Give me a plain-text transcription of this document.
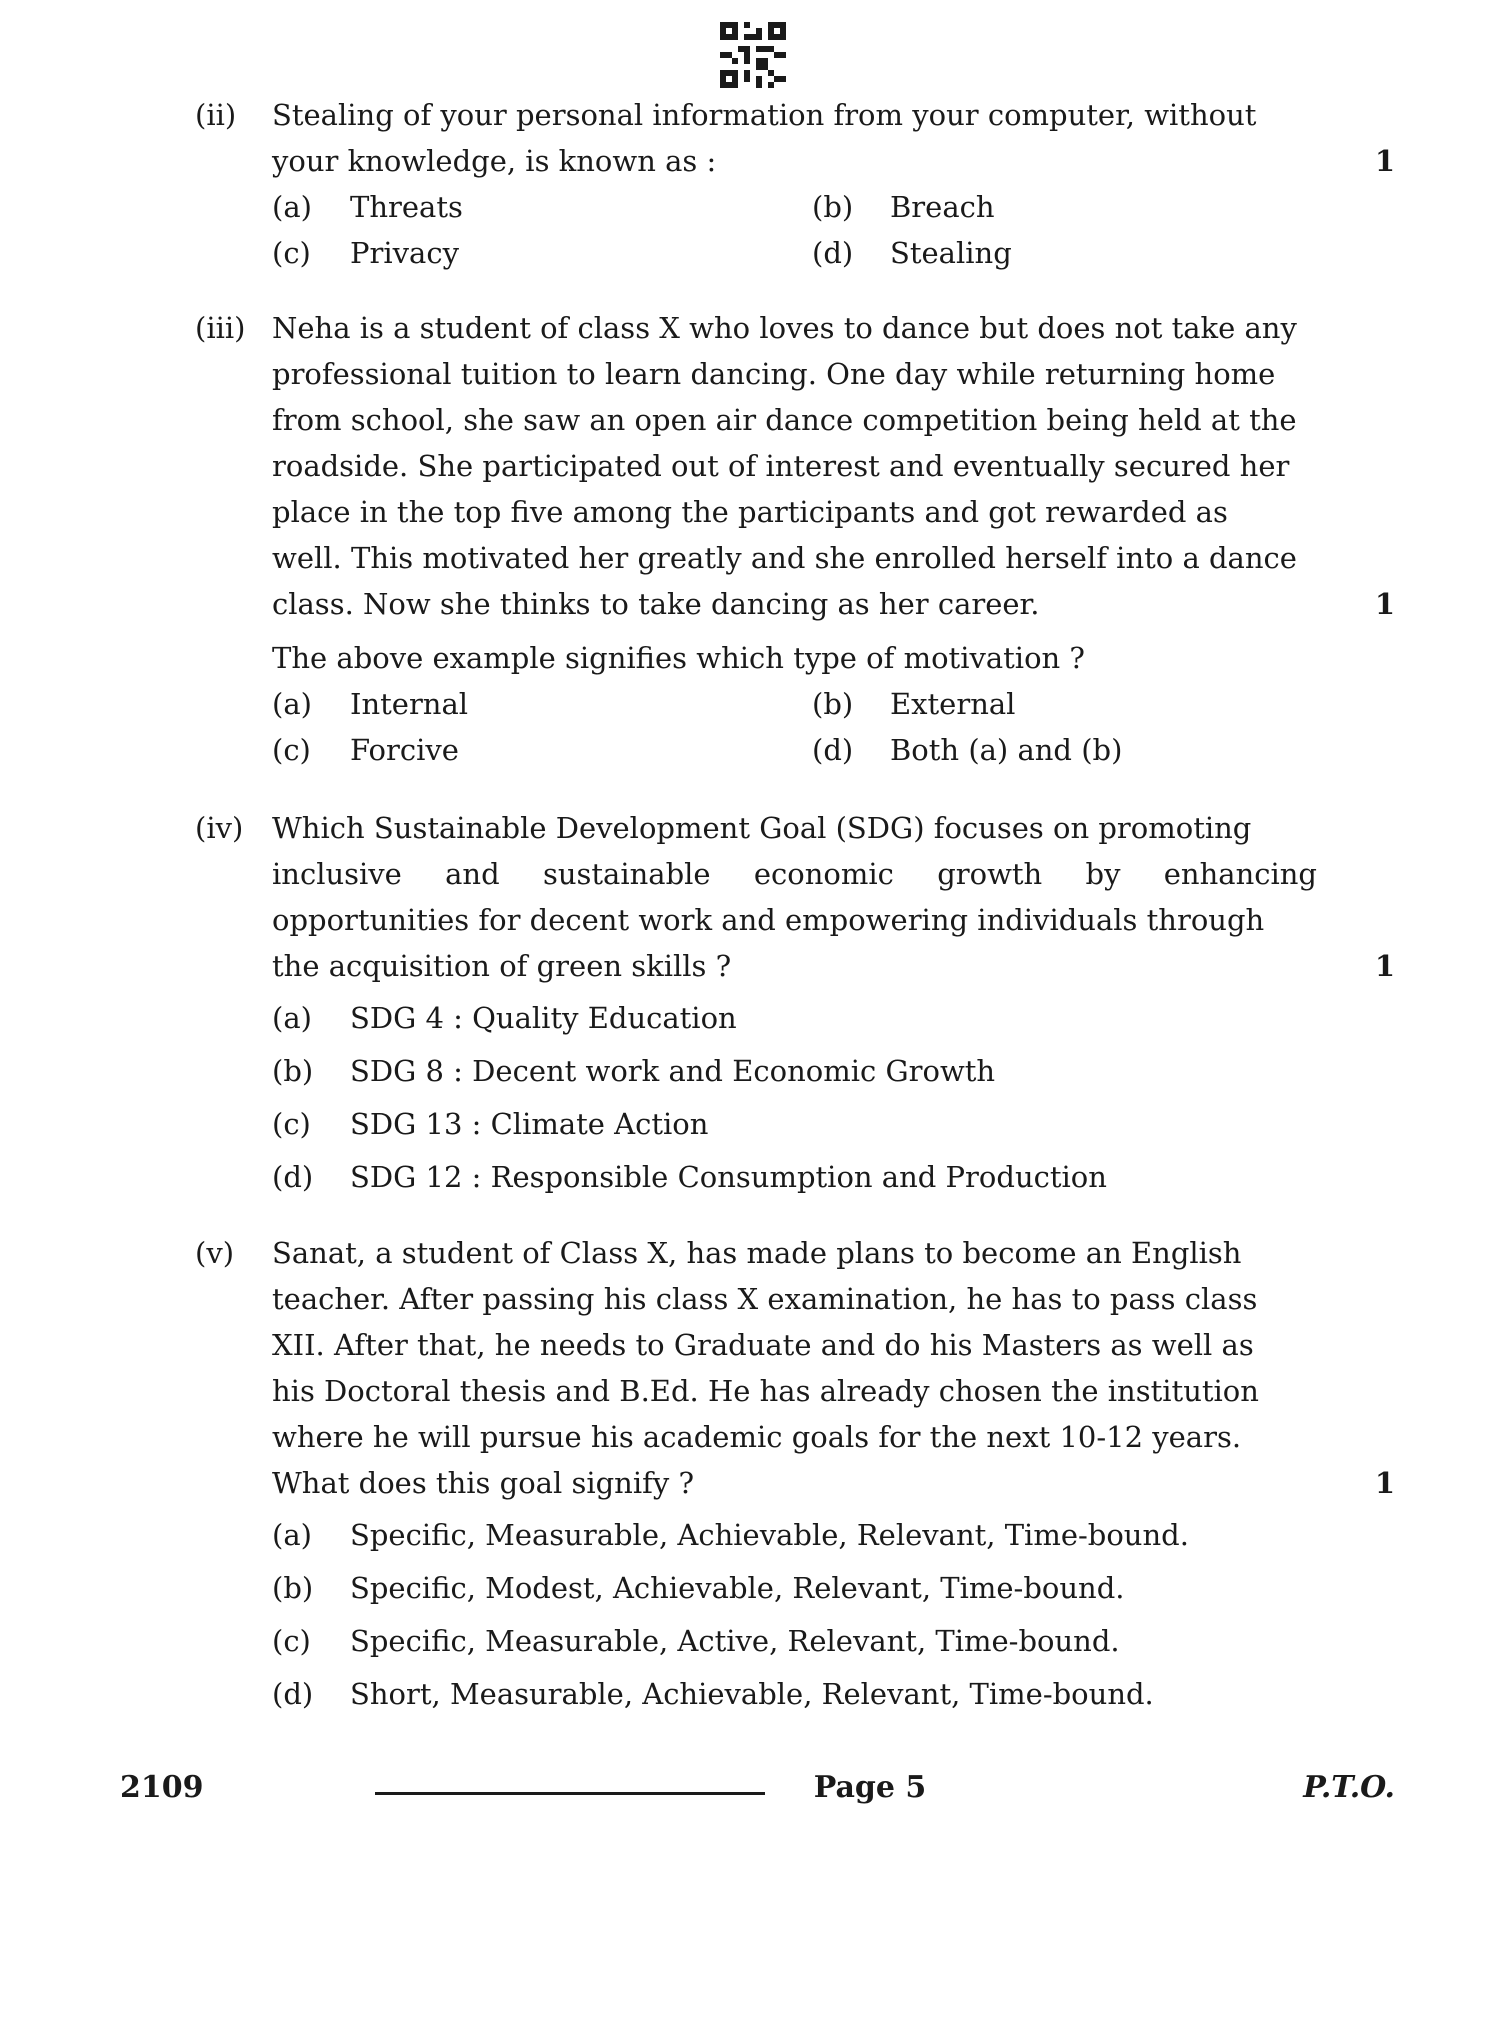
(ii) Stealing of your personal information from your computer, without
your knowledge, is known as :	1
(a)	Threats	(b)	Breach
(c)	Privacy	(d)	Stealing
(iii) Neha is a student of class X who loves to dance but does not take any
professional tuition to learn dancing. One day while returning home
from school, she saw an open air dance competition being held at the
roadside. She participated out of interest and eventually secured her
place in the top five among the participants and got rewarded as
well. This motivated her greatly and she enrolled herself into a dance
class. Now she thinks to take dancing as her career.	1
The above example signifies which type of motivation ?
(a)	Internal	(b)	External
(c)	Forcive	(d)	Both (a) and (b)
(iv) Which Sustainable Development Goal (SDG) focuses on promoting
inclusive and sustainable economic growth by enhancing
opportunities for decent work and empowering individuals through
the acquisition of green skills ?	1
(a)	SDG 4 : Quality Education
(b)	SDG 8 : Decent work and Economic Growth
(c)	SDG 13 : Climate Action
(d)	SDG 12 : Responsible Consumption and Production
(v) Sanat, a student of Class X, has made plans to become an English
teacher. After passing his class X examination, he has to pass class
XII. After that, he needs to Graduate and do his Masters as well as
his Doctoral thesis and B.Ed. He has already chosen the institution
where he will pursue his academic goals for the next 10-12 years.
What does this goal signify ?	1
(a)	Specific, Measurable, Achievable, Relevant, Time-bound.
(b)	Specific, Modest, Achievable, Relevant, Time-bound.
(c)	Specific, Measurable, Active, Relevant, Time-bound.
(d)	Short, Measurable, Achievable, Relevant, Time-bound.
2109	Page 5	P.T.O.
